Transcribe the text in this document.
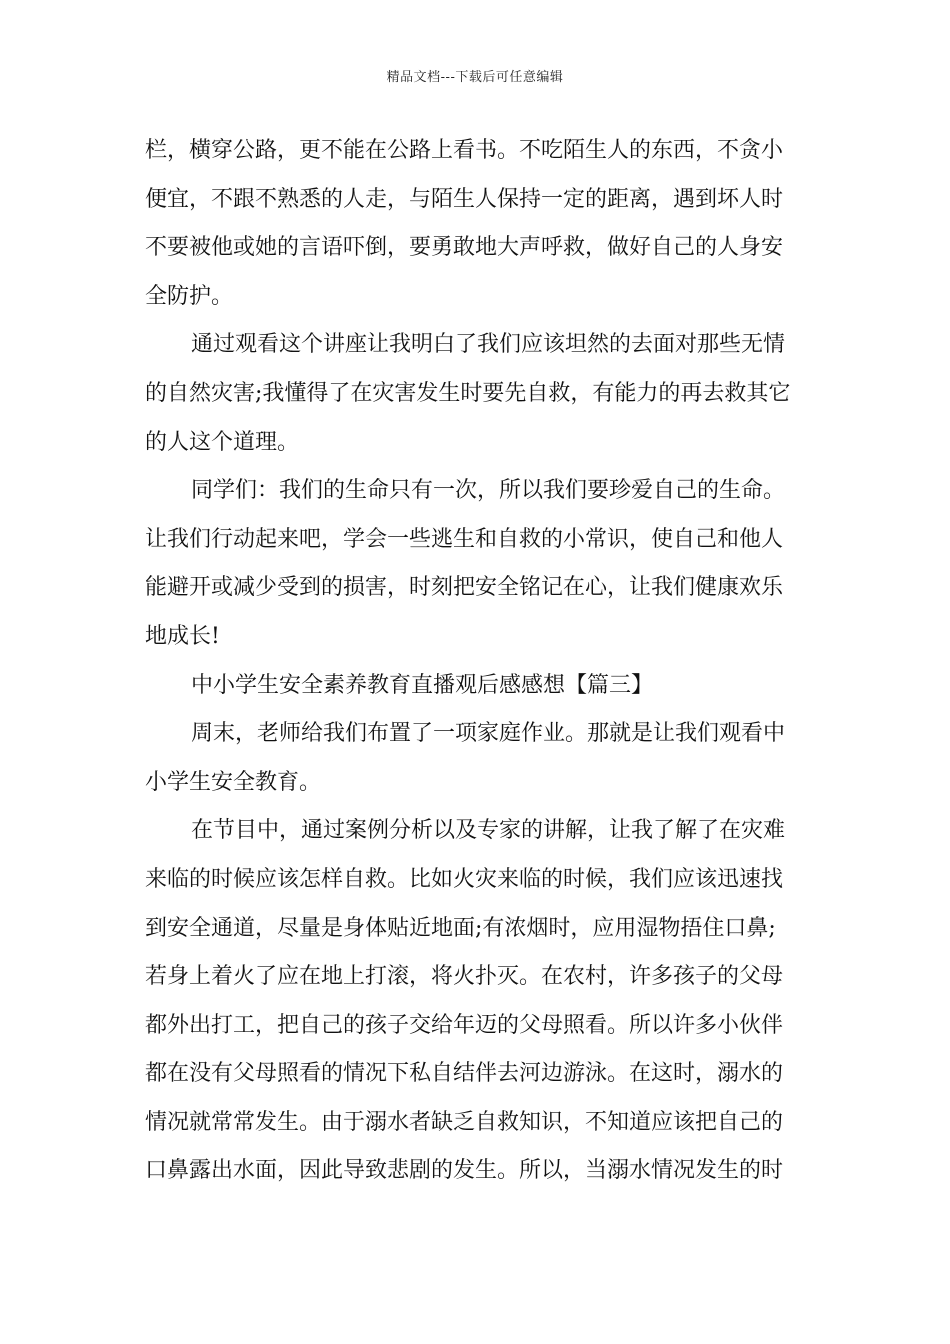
精品文档---下载后可任意编辑
栏，横穿公路，更不能在公路上看书。不吃陌生人的东西，不贪小
便宜，不跟不熟悉的人走，与陌生人保持一定的距离，遇到坏人时
不要被他或她的言语吓倒，要勇敢地大声呼救，做好自己的人身安
全防护。
通过观看这个讲座让我明白了我们应该坦然的去面对那些无情
的自然灾害;我懂得了在灾害发生时要先自救，有能力的再去救其它
的人这个道理。
同学们：我们的生命只有一次，所以我们要珍爱自己的生命。
让我们行动起来吧，学会一些逃生和自救的小常识，使自己和他人
能避开或减少受到的损害，时刻把安全铭记在心，让我们健康欢乐
地成长!
中小学生安全素养教育直播观后感感想【篇三】
周末，老师给我们布置了一项家庭作业。那就是让我们观看中
小学生安全教育。
在节目中，通过案例分析以及专家的讲解，让我了解了在灾难
来临的时候应该怎样自救。比如火灾来临的时候，我们应该迅速找
到安全通道，尽量是身体贴近地面;有浓烟时，应用湿物捂住口鼻;
若身上着火了应在地上打滚，将火扑灭。在农村，许多孩子的父母
都外出打工，把自己的孩子交给年迈的父母照看。所以许多小伙伴
都在没有父母照看的情况下私自结伴去河边游泳。在这时，溺水的
情况就常常发生。由于溺水者缺乏自救知识，不知道应该把自己的
口鼻露出水面，因此导致悲剧的发生。所以，当溺水情况发生的时
